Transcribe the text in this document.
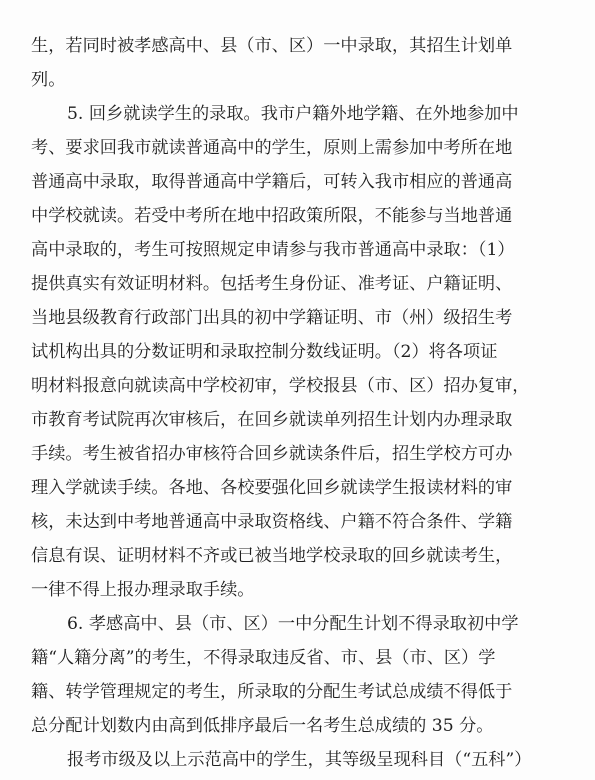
生，若同时被孝感高中、县（市、区）一中录取，其招生计划单
列。
5. 回乡就读学生的录取。我市户籍外地学籍、在外地参加中
考、要求回我市就读普通高中的学生，原则上需参加中考所在地
普通高中录取，取得普通高中学籍后，可转入我市相应的普通高
中学校就读。若受中考所在地中招政策所限，不能参与当地普通
高中录取的，考生可按照规定申请参与我市普通高中录取：（1）
提供真实有效证明材料。包括考生身份证、准考证、户籍证明、
当地县级教育行政部门出具的初中学籍证明、市（州）级招生考
试机构出具的分数证明和录取控制分数线证明。（2）将各项证
明材料报意向就读高中学校初审，学校报县（市、区）招办复审，
市教育考试院再次审核后，在回乡就读单列招生计划内办理录取
手续。考生被省招办审核符合回乡就读条件后，招生学校方可办
理入学就读手续。各地、各校要强化回乡就读学生报读材料的审
核，未达到中考地普通高中录取资格线、户籍不符合条件、学籍
信息有误、证明材料不齐或已被当地学校录取的回乡就读考生，
一律不得上报办理录取手续。
6. 孝感高中、县（市、区）一中分配生计划不得录取初中学
籍“人籍分离”的考生，不得录取违反省、市、县（市、区）学
籍、转学管理规定的考生，所录取的分配生考试总成绩不得低于
总分配计划数内由高到低排序最后一名考生总成绩的 35 分。
报考市级及以上示范高中的学生，其等级呈现科目（“五科”）
